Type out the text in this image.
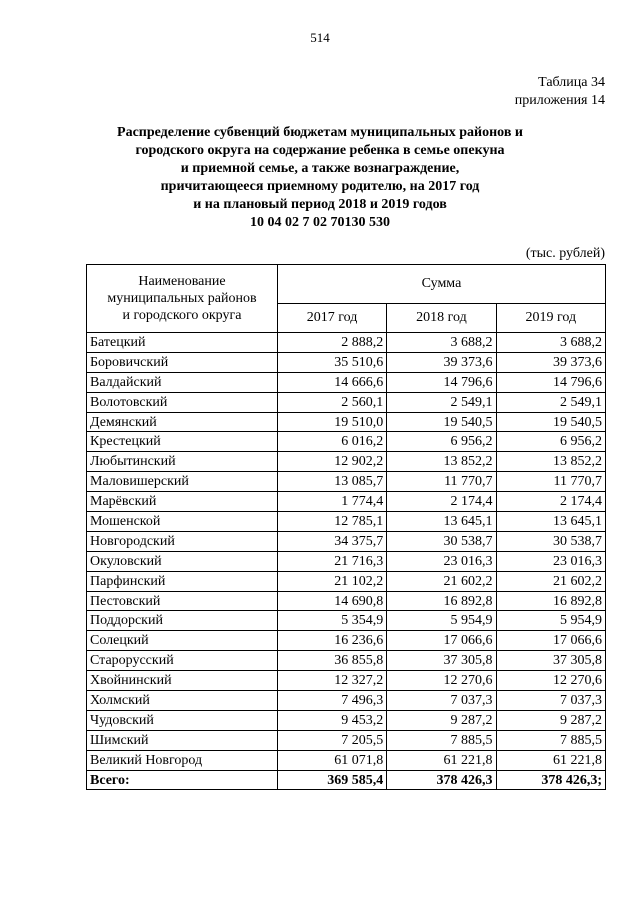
514
Таблица 34
приложения 14
Распределение субвенций бюджетам муниципальных районов и
городского округа на содержание ребенка в семье опекуна
и приемной семье, а также вознаграждение,
причитающееся приемному родителю, на 2017 год
и на плановый период 2018 и 2019 годов
10 04 02 7 02 70130 530
(тыс. рублей)
Наименование
муниципальных районов
и городского округа	Сумма		
	2017 год	2018 год	2019 год
Батецкий	2 888,2	3 688,2	3 688,2
Боровичский	35 510,6	39 373,6	39 373,6
Валдайский	14 666,6	14 796,6	14 796,6
Волотовский	2 560,1	2 549,1	2 549,1
Демянский	19 510,0	19 540,5	19 540,5
Крестецкий	6 016,2	6 956,2	6 956,2
Любытинский	12 902,2	13 852,2	13 852,2
Маловишерский	13 085,7	11 770,7	11 770,7
Марёвский	1 774,4	2 174,4	2 174,4
Мошенской	12 785,1	13 645,1	13 645,1
Новгородский	34 375,7	30 538,7	30 538,7
Окуловский	21 716,3	23 016,3	23 016,3
Парфинский	21 102,2	21 602,2	21 602,2
Пестовский	14 690,8	16 892,8	16 892,8
Поддорский	5 354,9	5 954,9	5 954,9
Солецкий	16 236,6	17 066,6	17 066,6
Старорусский	36 855,8	37 305,8	37 305,8
Хвойнинский	12 327,2	12 270,6	12 270,6
Холмский	7 496,3	7 037,3	7 037,3
Чудовский	9 453,2	9 287,2	9 287,2
Шимский	7 205,5	7 885,5	7 885,5
Великий Новгород	61 071,8	61 221,8	61 221,8
Всего:	369 585,4	378 426,3	378 426,3;
